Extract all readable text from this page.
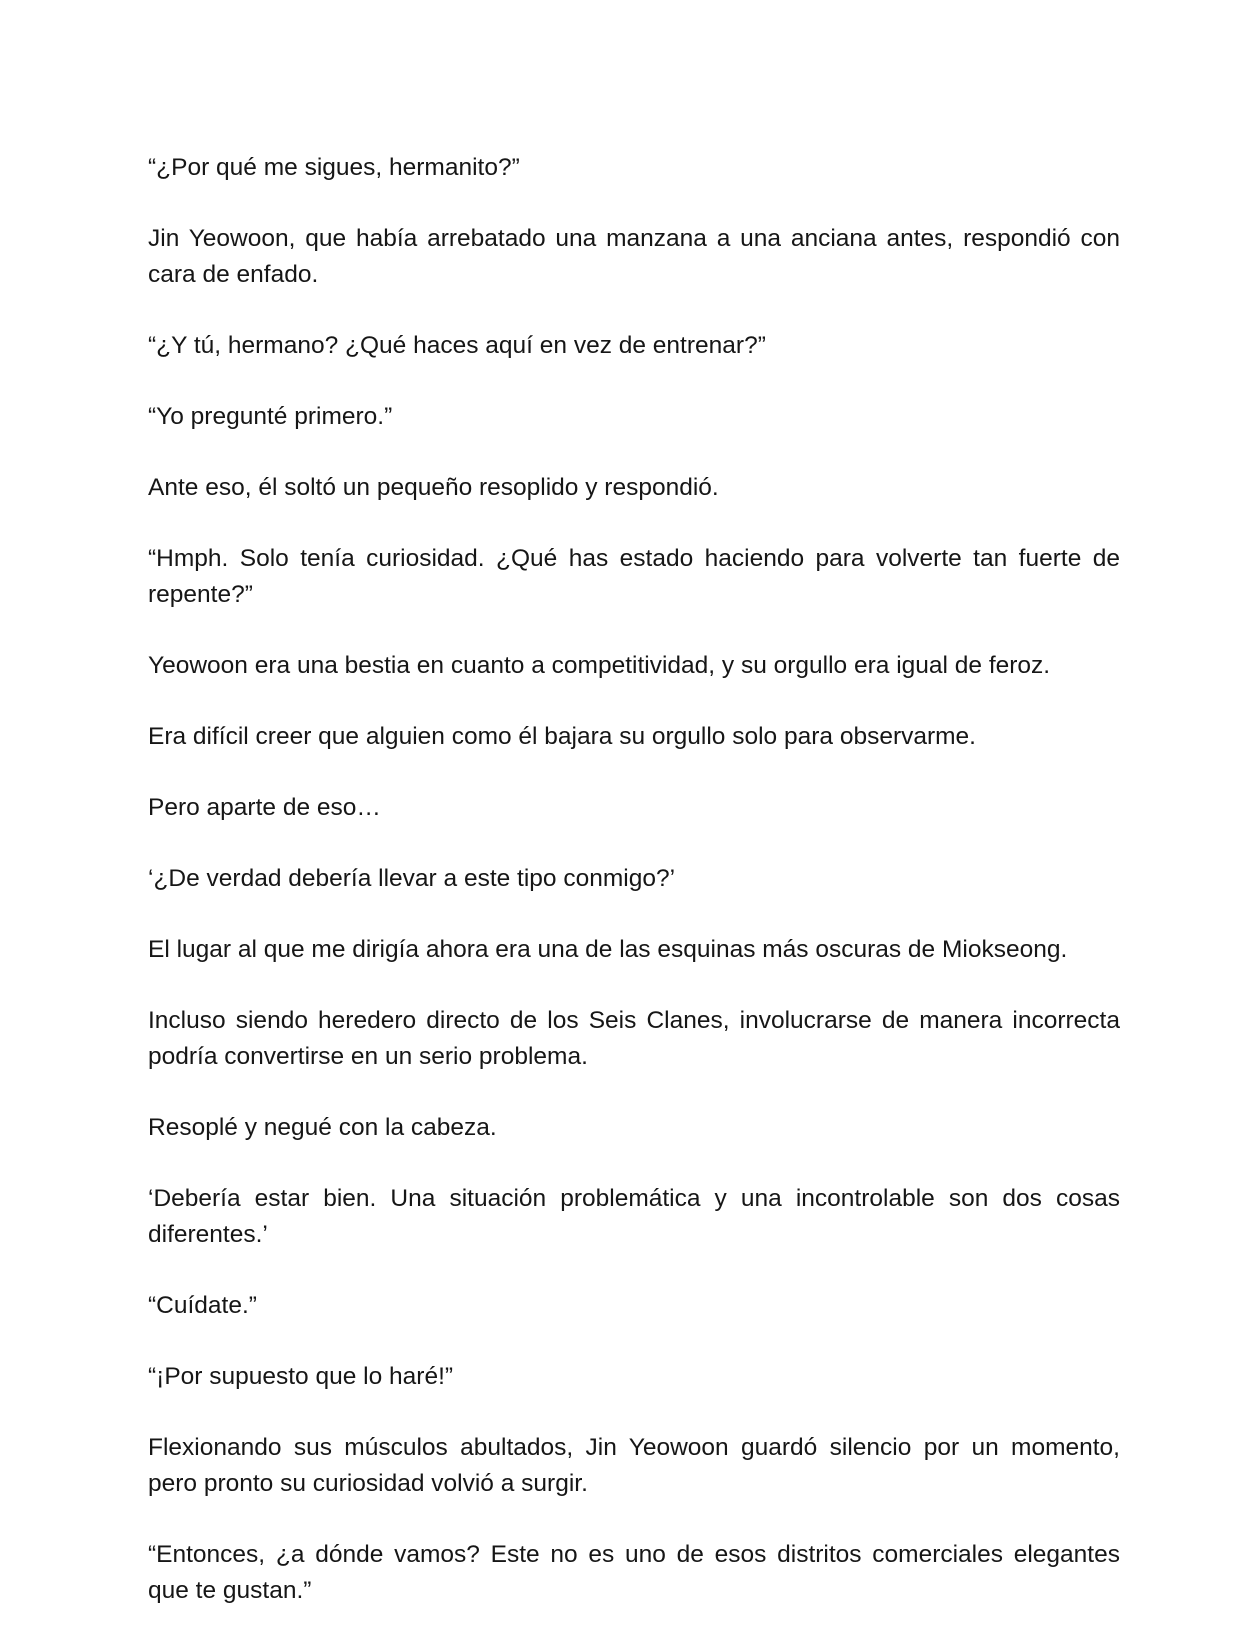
“¿Por qué me sigues, hermanito?”

Jin Yeowoon, que había arrebatado una manzana a una anciana antes, respondió con cara de enfado.

“¿Y tú, hermano? ¿Qué haces aquí en vez de entrenar?”

“Yo pregunté primero.”

Ante eso, él soltó un pequeño resoplido y respondió.

“Hmph. Solo tenía curiosidad. ¿Qué has estado haciendo para volverte tan fuerte de repente?”

Yeowoon era una bestia en cuanto a competitividad, y su orgullo era igual de feroz.

Era difícil creer que alguien como él bajara su orgullo solo para observarme.

Pero aparte de eso…

‘¿De verdad debería llevar a este tipo conmigo?’

El lugar al que me dirigía ahora era una de las esquinas más oscuras de Miokseong.

Incluso siendo heredero directo de los Seis Clanes, involucrarse de manera incorrecta podría convertirse en un serio problema.

Resoplé y negué con la cabeza.

‘Debería estar bien. Una situación problemática y una incontrolable son dos cosas diferentes.’

“Cuídate.”

“¡Por supuesto que lo haré!”

Flexionando sus músculos abultados, Jin Yeowoon guardó silencio por un momento, pero pronto su curiosidad volvió a surgir.

“Entonces, ¿a dónde vamos? Este no es uno de esos distritos comerciales elegantes que te gustan.”
